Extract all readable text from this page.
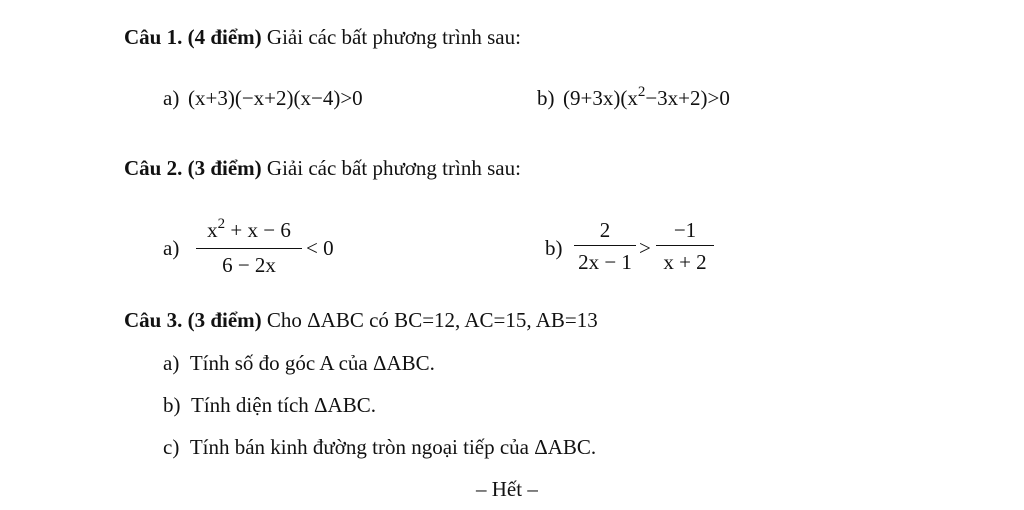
Câu 1. (4 điểm) Giải các bất phương trình sau:
a) (x+3)(−x+2)(x−4)>0	b) $(9+3x)(x^2-3x+2)>0$
Câu 2. (3 điểm) Giải các bất phương trình sau:
a)
$x^2 + x - 6$
6 − 2x
< 0	b)
2
2x − 1
>
−1
x + 2
Câu 3. (3 điểm) Cho ΔABC có BC=12, AC=15, AB=13
a) Tính số đo góc A của ΔABC.
b) Tính diện tích ΔABC.
c) Tính bán kinh đường tròn ngoại tiếp của ΔABC.
– Hết –
